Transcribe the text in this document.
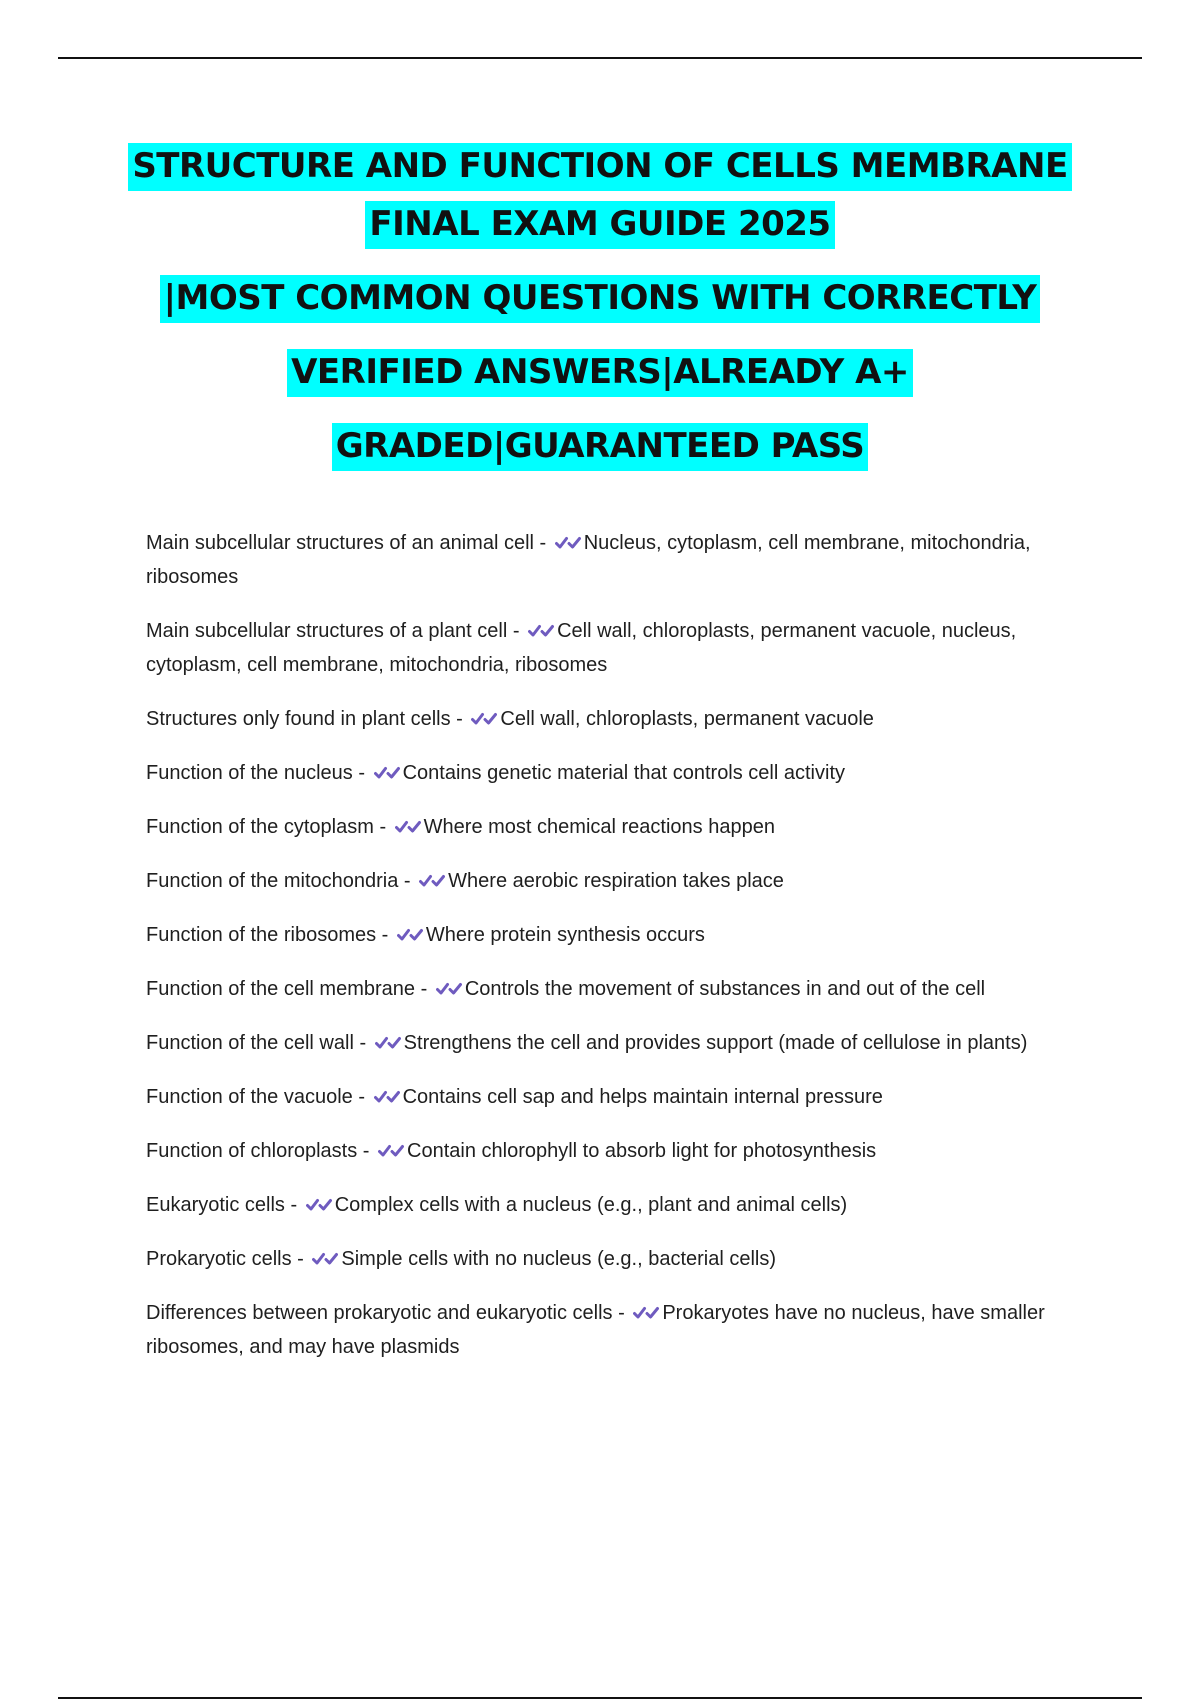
STRUCTURE AND FUNCTION OF CELLS MEMBRANE

FINAL EXAM GUIDE 2025

|MOST COMMON QUESTIONS WITH CORRECTLY

VERIFIED ANSWERS|ALREADY A+

GRADED|GUARANTEED PASS

Main subcellular structures of an animal cell -
Nucleus, cytoplasm, cell membrane, mitochondria, ribosomes
Main subcellular structures of a plant cell -
Cell wall, chloroplasts, permanent vacuole, nucleus, cytoplasm, cell membrane, mitochondria, ribosomes
Structures only found in plant cells -
Cell wall, chloroplasts, permanent vacuole
Function of the nucleus -
Contains genetic material that controls cell activity
Function of the cytoplasm -
Where most chemical reactions happen
Function of the mitochondria -
Where aerobic respiration takes place
Function of the ribosomes -
Where protein synthesis occurs
Function of the cell membrane -
Controls the movement of substances in and out of the cell
Function of the cell wall -
Strengthens the cell and provides support (made of cellulose in plants)
Function of the vacuole -
Contains cell sap and helps maintain internal pressure
Function of chloroplasts -
Contain chlorophyll to absorb light for photosynthesis
Eukaryotic cells -
Complex cells with a nucleus (e.g., plant and animal cells)
Prokaryotic cells -
Simple cells with no nucleus (e.g., bacterial cells)
Differences between prokaryotic and eukaryotic cells -
Prokaryotes have no nucleus, have smaller ribosomes, and may have plasmids
